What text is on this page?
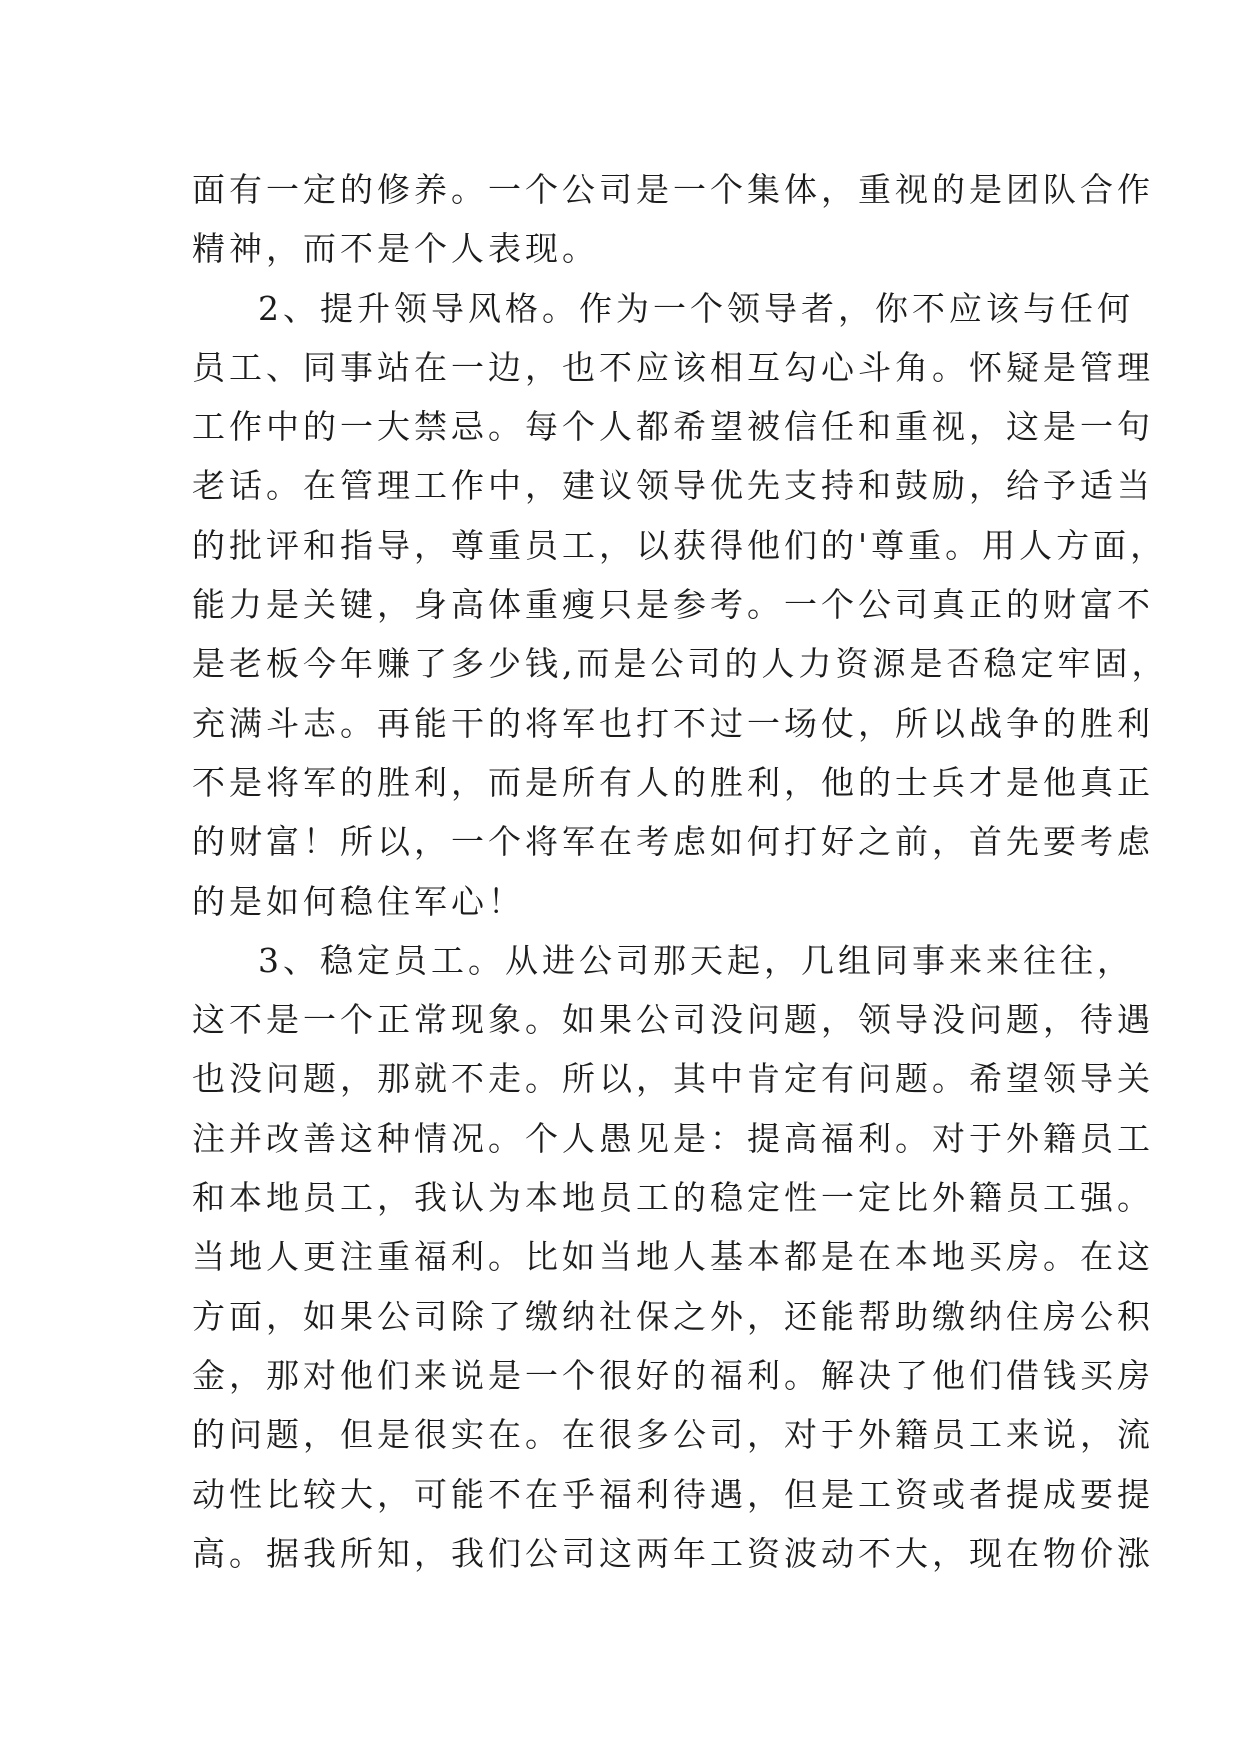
面有一定的修养。一个公司是一个集体，重视的是团队合作
精神，而不是个人表现。
2、提升领导风格。作为一个领导者，你不应该与任何
员工、同事站在一边，也不应该相互勾心斗角。怀疑是管理
工作中的一大禁忌。每个人都希望被信任和重视，这是一句
老话。在管理工作中，建议领导优先支持和鼓励，给予适当
的批评和指导，尊重员工，以获得他们的'尊重。用人方面，
能力是关键，身高体重瘦只是参考。一个公司真正的财富不
是老板今年赚了多少钱,而是公司的人力资源是否稳定牢固，
充满斗志。再能干的将军也打不过一场仗，所以战争的胜利
不是将军的胜利，而是所有人的胜利，他的士兵才是他真正
的财富！所以，一个将军在考虑如何打好之前，首先要考虑
的是如何稳住军心！
3、稳定员工。从进公司那天起，几组同事来来往往，
这不是一个正常现象。如果公司没问题，领导没问题，待遇
也没问题，那就不走。所以，其中肯定有问题。希望领导关
注并改善这种情况。个人愚见是：提高福利。对于外籍员工
和本地员工，我认为本地员工的稳定性一定比外籍员工强。
当地人更注重福利。比如当地人基本都是在本地买房。在这
方面，如果公司除了缴纳社保之外，还能帮助缴纳住房公积
金，那对他们来说是一个很好的福利。解决了他们借钱买房
的问题，但是很实在。在很多公司，对于外籍员工来说，流
动性比较大，可能不在乎福利待遇，但是工资或者提成要提
高。据我所知，我们公司这两年工资波动不大，现在物价涨
